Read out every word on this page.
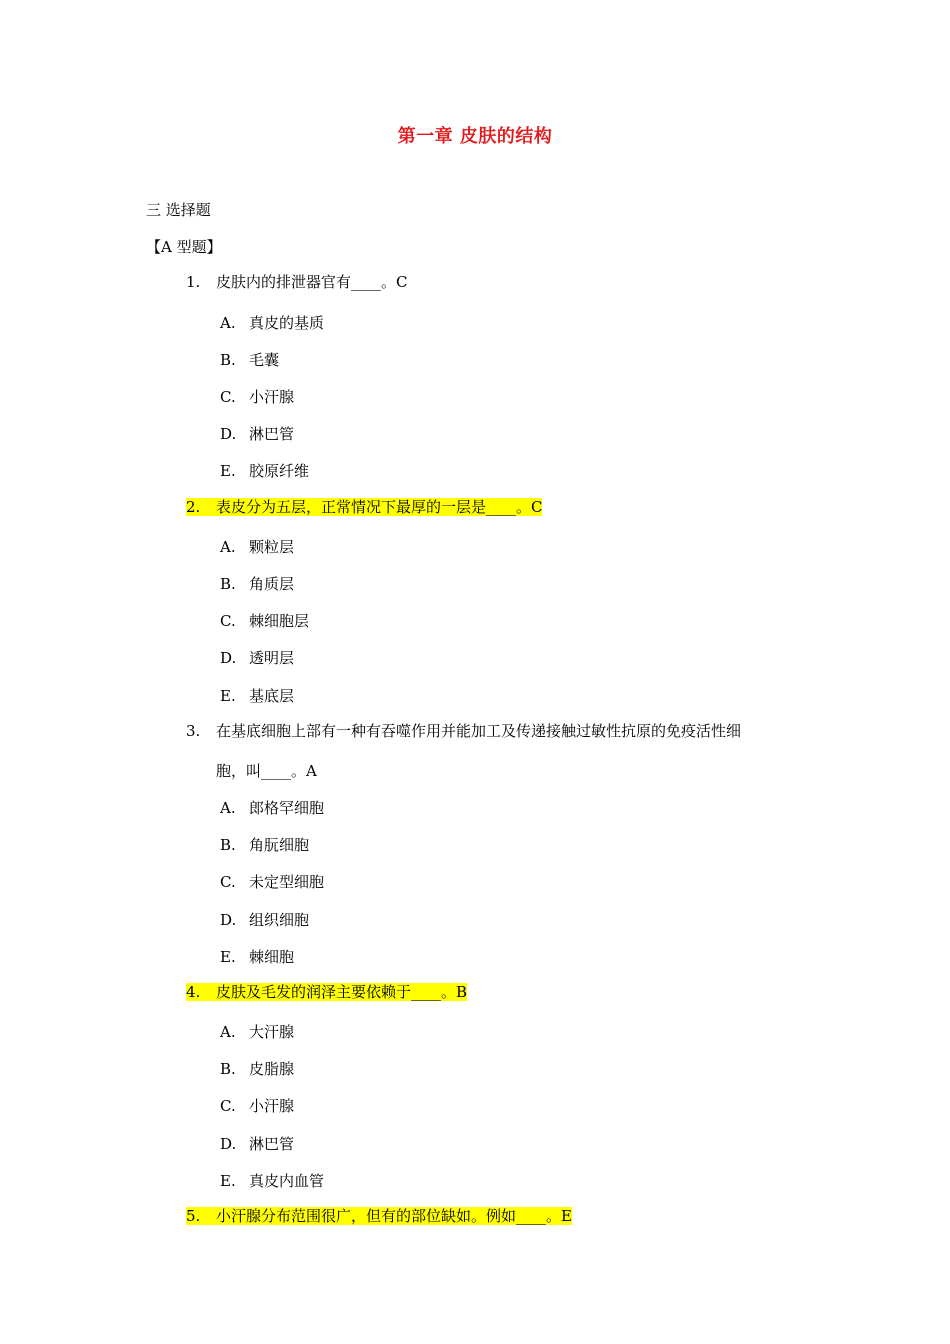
第一章 皮肤的结构
三 选择题
【A 型题】
1. 皮肤内的排泄器官有____。C
A. 真皮的基质
B. 毛囊
C. 小汗腺
D. 淋巴管
E. 胶原纤维
2. 表皮分为五层，正常情况下最厚的一层是____。C
A. 颗粒层
B. 角质层
C. 棘细胞层
D. 透明层
E. 基底层
3. 在基底细胞上部有一种有吞噬作用并能加工及传递接触过敏性抗原的免疫活性细
胞，叫____。A
A. 郎格罕细胞
B. 角朊细胞
C. 未定型细胞
D. 组织细胞
E. 棘细胞
4. 皮肤及毛发的润泽主要依赖于____。B
A. 大汗腺
B. 皮脂腺
C. 小汗腺
D. 淋巴管
E. 真皮内血管
5. 小汗腺分布范围很广，但有的部位缺如。例如____。E
